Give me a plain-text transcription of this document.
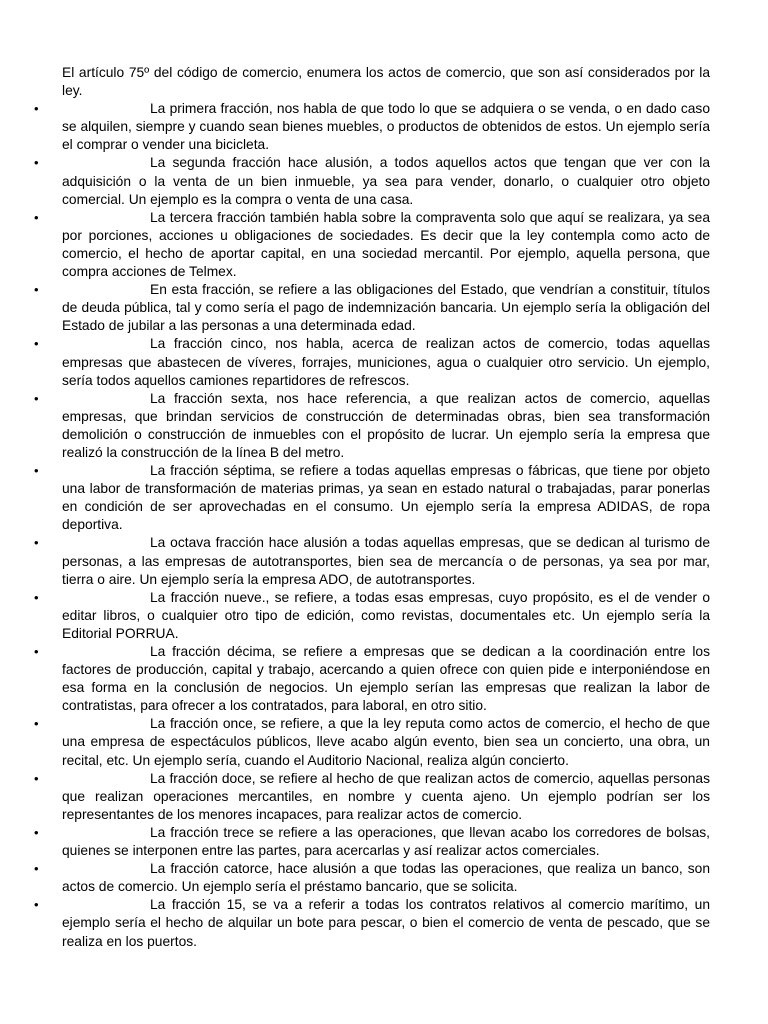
El artículo 75º del código de comercio, enumera los actos de comercio, que son así considerados por la ley.

•	La primera fracción, nos habla de que todo lo que se adquiera o se venda, o en dado caso se alquilen, siempre y cuando sean bienes muebles, o productos de obtenidos de estos. Un ejemplo sería el comprar o vender una bicicleta.
•	La segunda fracción hace alusión, a todos aquellos actos que tengan que ver con la adquisición o la venta de un bien inmueble, ya sea para vender, donarlo, o cualquier otro objeto comercial. Un ejemplo es la compra o venta de una casa.
•	La tercera fracción también habla sobre la compraventa solo que aquí se realizara, ya sea por porciones, acciones u obligaciones de sociedades. Es decir que la ley contempla como acto de comercio, el hecho de aportar capital, en una sociedad mercantil. Por ejemplo, aquella persona, que compra acciones de Telmex.
•	En esta fracción, se refiere a las obligaciones del Estado, que vendrían a constituir, títulos de deuda pública, tal y como sería el pago de indemnización bancaria. Un ejemplo sería la obligación del Estado de jubilar a las personas a una determinada edad.
•	La fracción cinco, nos habla, acerca de realizan actos de comercio, todas aquellas empresas que abastecen de víveres, forrajes, municiones, agua o cualquier otro servicio. Un ejemplo, sería todos aquellos camiones repartidores de refrescos.
•	La fracción sexta, nos hace referencia, a que realizan actos de comercio, aquellas empresas, que brindan servicios de construcción de determinadas obras, bien sea transformación demolición o construcción de inmuebles con el propósito de lucrar. Un ejemplo sería la empresa que realizó la construcción de la línea B del metro.
•	La fracción séptima, se refiere a todas aquellas empresas o fábricas, que tiene por objeto una labor de transformación de materias primas, ya sean en estado natural o trabajadas, parar ponerlas en condición de ser aprovechadas en el consumo. Un ejemplo sería la empresa ADIDAS, de ropa deportiva.
•	La octava fracción hace alusión a todas aquellas empresas, que se dedican al turismo de personas, a las empresas de autotransportes, bien sea de mercancía o de personas, ya sea por mar, tierra o aire. Un ejemplo sería la empresa ADO, de autotransportes.
•	La fracción nueve., se refiere, a todas esas empresas, cuyo propósito, es el de vender o editar libros, o cualquier otro tipo de edición, como revistas, documentales etc. Un ejemplo sería la Editorial PORRUA.
•	La fracción décima, se refiere a empresas que se dedican a la coordinación entre los factores de producción, capital y trabajo, acercando a quien ofrece con quien pide e interponiéndose en esa forma en la conclusión de negocios. Un ejemplo serían las empresas que realizan la labor de contratistas, para ofrecer a los contratados, para laboral, en otro sitio.
•	La fracción once, se refiere, a que la ley reputa como actos de comercio, el hecho de que una empresa de espectáculos públicos, lleve acabo algún evento, bien sea un concierto, una obra, un recital, etc. Un ejemplo sería, cuando el Auditorio Nacional, realiza algún concierto.
•	La fracción doce, se refiere al hecho de que realizan actos de comercio, aquellas personas que realizan operaciones mercantiles, en nombre y cuenta ajeno. Un ejemplo podrían ser los representantes de los menores incapaces, para realizar actos de comercio.
•	La fracción trece se refiere a las operaciones, que llevan acabo los corredores de bolsas, quienes se interponen entre las partes, para acercarlas y así realizar actos comerciales.
•	La fracción catorce, hace alusión a que todas las operaciones, que realiza un banco, son actos de comercio. Un ejemplo sería el préstamo bancario, que se solicita.
•	La fracción 15, se va a referir a todas los contratos relativos al comercio marítimo, un ejemplo sería el hecho de alquilar un bote para pescar, o bien el comercio de venta de pescado, que se realiza en los puertos.
